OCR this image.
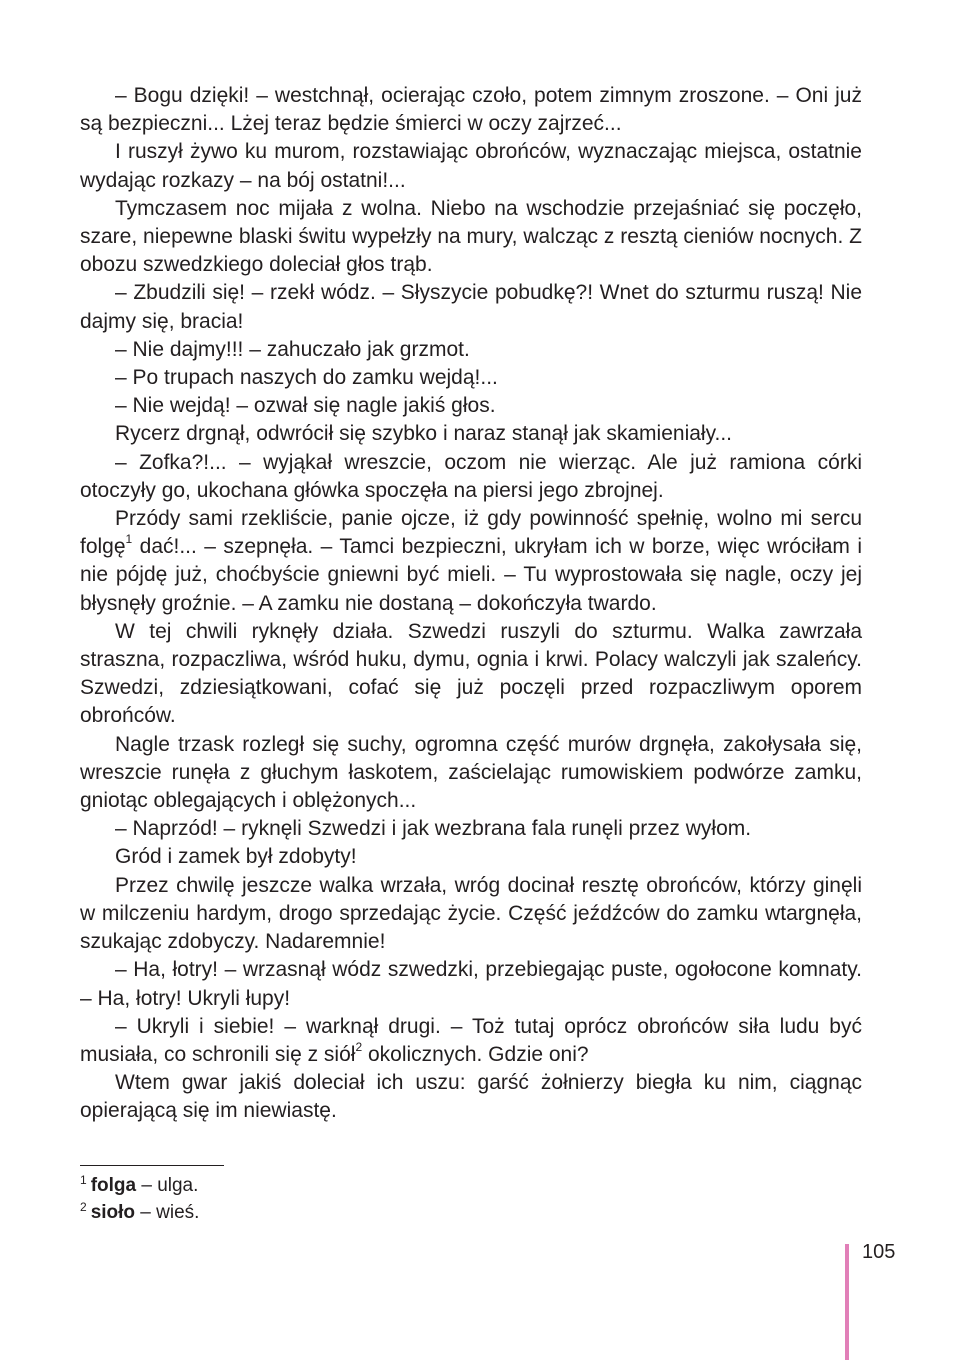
– Bogu dzięki! – westchnął, ocierając czoło, potem zimnym zroszone. – Oni już są bezpieczni... Lżej teraz będzie śmierci w oczy zajrzeć...

I ruszył żywo ku murom, rozstawiając obrońców, wyznaczając miejsca, ostatnie wydając rozkazy – na bój ostatni!...

Tymczasem noc mijała z wolna. Niebo na wschodzie przejaśniać się poczęło, szare, niepewne blaski świtu wypełzły na mury, walcząc z resztą cieniów nocnych. Z obozu szwedzkiego doleciał głos trąb.

– Zbudzili się! – rzekł wódz. – Słyszycie pobudkę?! Wnet do szturmu ruszą! Nie dajmy się, bracia!

– Nie dajmy!!! – zahuczało jak grzmot.

– Po trupach naszych do zamku wejdą!...

– Nie wejdą! – ozwał się nagle jakiś głos.

Rycerz drgnął, odwrócił się szybko i naraz stanął jak skamieniały...

– Zofka?!... – wyjąkał wreszcie, oczom nie wierząc. Ale już ramiona córki otoczyły go, ukochana główka spoczęła na piersi jego zbrojnej.

Przódy sami rzekliście, panie ojcze, iż gdy powinność spełnię, wolno mi sercu folgę$^1$ dać!... – szepnęła. – Tamci bezpieczni, ukryłam ich w borze, więc wróciłam i nie pójdę już, choćbyście gniewni być mieli. – Tu wyprostowała się nagle, oczy jej błysnęły groźnie. – A zamku nie dostaną – dokończyła twardo.

W tej chwili ryknęły działa. Szwedzi ruszyli do szturmu. Walka zawrzała straszna, rozpaczliwa, wśród huku, dymu, ognia i krwi. Polacy walczyli jak szaleńcy. Szwedzi, zdziesiątkowani, cofać się już poczęli przed rozpaczliwym oporem obrońców.

Nagle trzask rozległ się suchy, ogromna część murów drgnęła, zakołysała się, wreszcie runęła z głuchym łaskotem, zaścielając rumowiskiem podwórze zamku, gniotąc oblegających i oblężonych...

– Naprzód! – ryknęli Szwedzi i jak wezbrana fala runęli przez wyłom.

Gród i zamek był zdobyty!

Przez chwilę jeszcze walka wrzała, wróg docinał resztę obrońców, którzy ginęli w milczeniu hardym, drogo sprzedając życie. Część jeźdźców do zamku wtargnęła, szukając zdobyczy. Nadaremnie!

– Ha, łotry! – wrzasnął wódz szwedzki, przebiegając puste, ogołocone komnaty. – Ha, łotry! Ukryli łupy!

– Ukryli i siebie! – warknął drugi. – Toż tutaj oprócz obrońców siła ludu być musiała, co schronili się z siół$^2$ okolicznych. Gdzie oni?

Wtem gwar jakiś doleciał ich uszu: garść żołnierzy biegła ku nim, ciągnąc opierającą się im niewiastę.

$^1$ folga – ulga.

$^2$ sioło – wieś.

105
